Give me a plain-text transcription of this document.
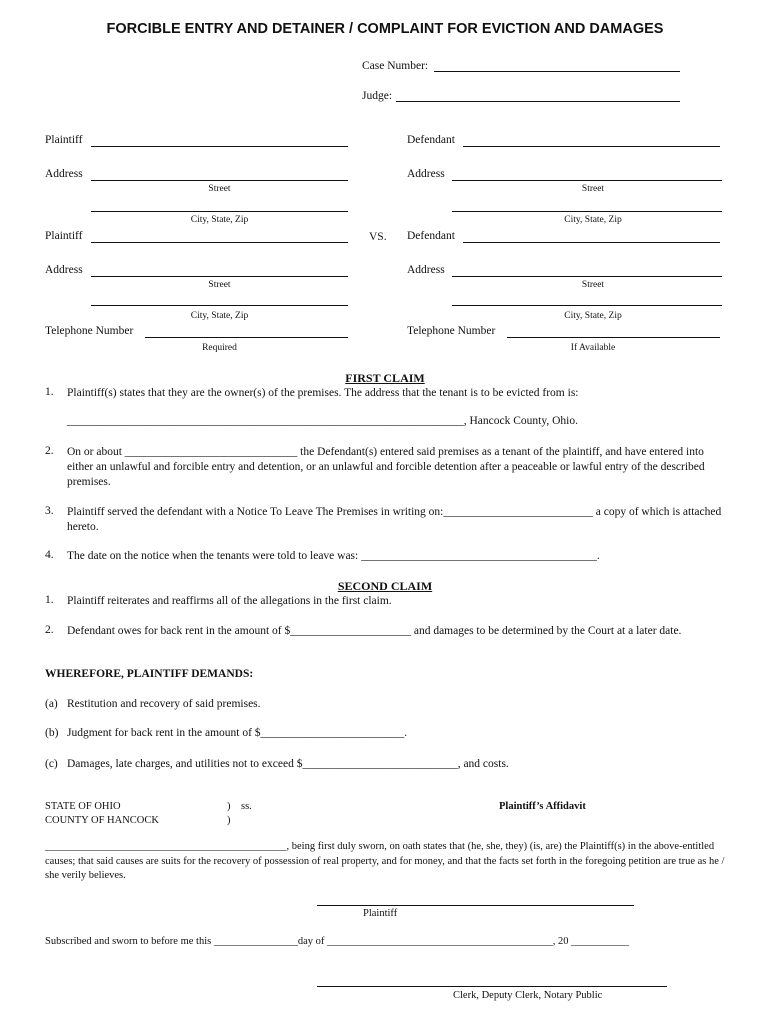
FORCIBLE ENTRY AND DETAINER / COMPLAINT FOR EVICTION AND DAMAGES
Case Number:
Judge:
Plaintiff
Address
Street
City, State, Zip
Plaintiff
Address
Street
City, State, Zip
Telephone Number
Required
VS.
Defendant
Address
Street
City, State, Zip
Defendant
Address
Street
City, State, Zip
Telephone Number
If Available
FIRST CLAIM
1. Plaintiff(s) states that they are the owner(s) of the premises. The address that the tenant is to be evicted from is:
_____________________________________________________________________, Hancock County, Ohio.
2. On or about ______________________________ the Defendant(s) entered said premises as a tenant of the plaintiff, and have entered into either an unlawful and forcible entry and detention, or an unlawful and forcible detention after a peaceable or lawful entry of the described premises.
3. Plaintiff served the defendant with a Notice To Leave The Premises in writing on:__________________________ a copy of which is attached hereto.
4. The date on the notice when the tenants were told to leave was: _________________________________________.
SECOND CLAIM
1. Plaintiff reiterates and reaffirms all of the allegations in the first claim.
2. Defendant owes for back rent in the amount of $_____________________ and damages to be determined by the Court at a later date.
WHEREFORE, PLAINTIFF DEMANDS:
(a) Restitution and recovery of said premises.
(b) Judgment for back rent in the amount of $_________________________.
(c) Damages, late charges, and utilities not to exceed $___________________________, and costs.
STATE OF OHIO
COUNTY OF HANCOCK
) ss.
)
Plaintiff’s Affidavit
______________________________________________, being first duly sworn, on oath states that (he, she, they) (is, are) the Plaintiff(s) in the above-entitled causes; that said causes are suits for the recovery of possession of real property, and for money, and that the facts set forth in the foregoing petition are true as he / she verily believes.
Plaintiff
Subscribed and sworn to before me this ________________day of ___________________________________________, 20 ___________
Clerk, Deputy Clerk, Notary Public
